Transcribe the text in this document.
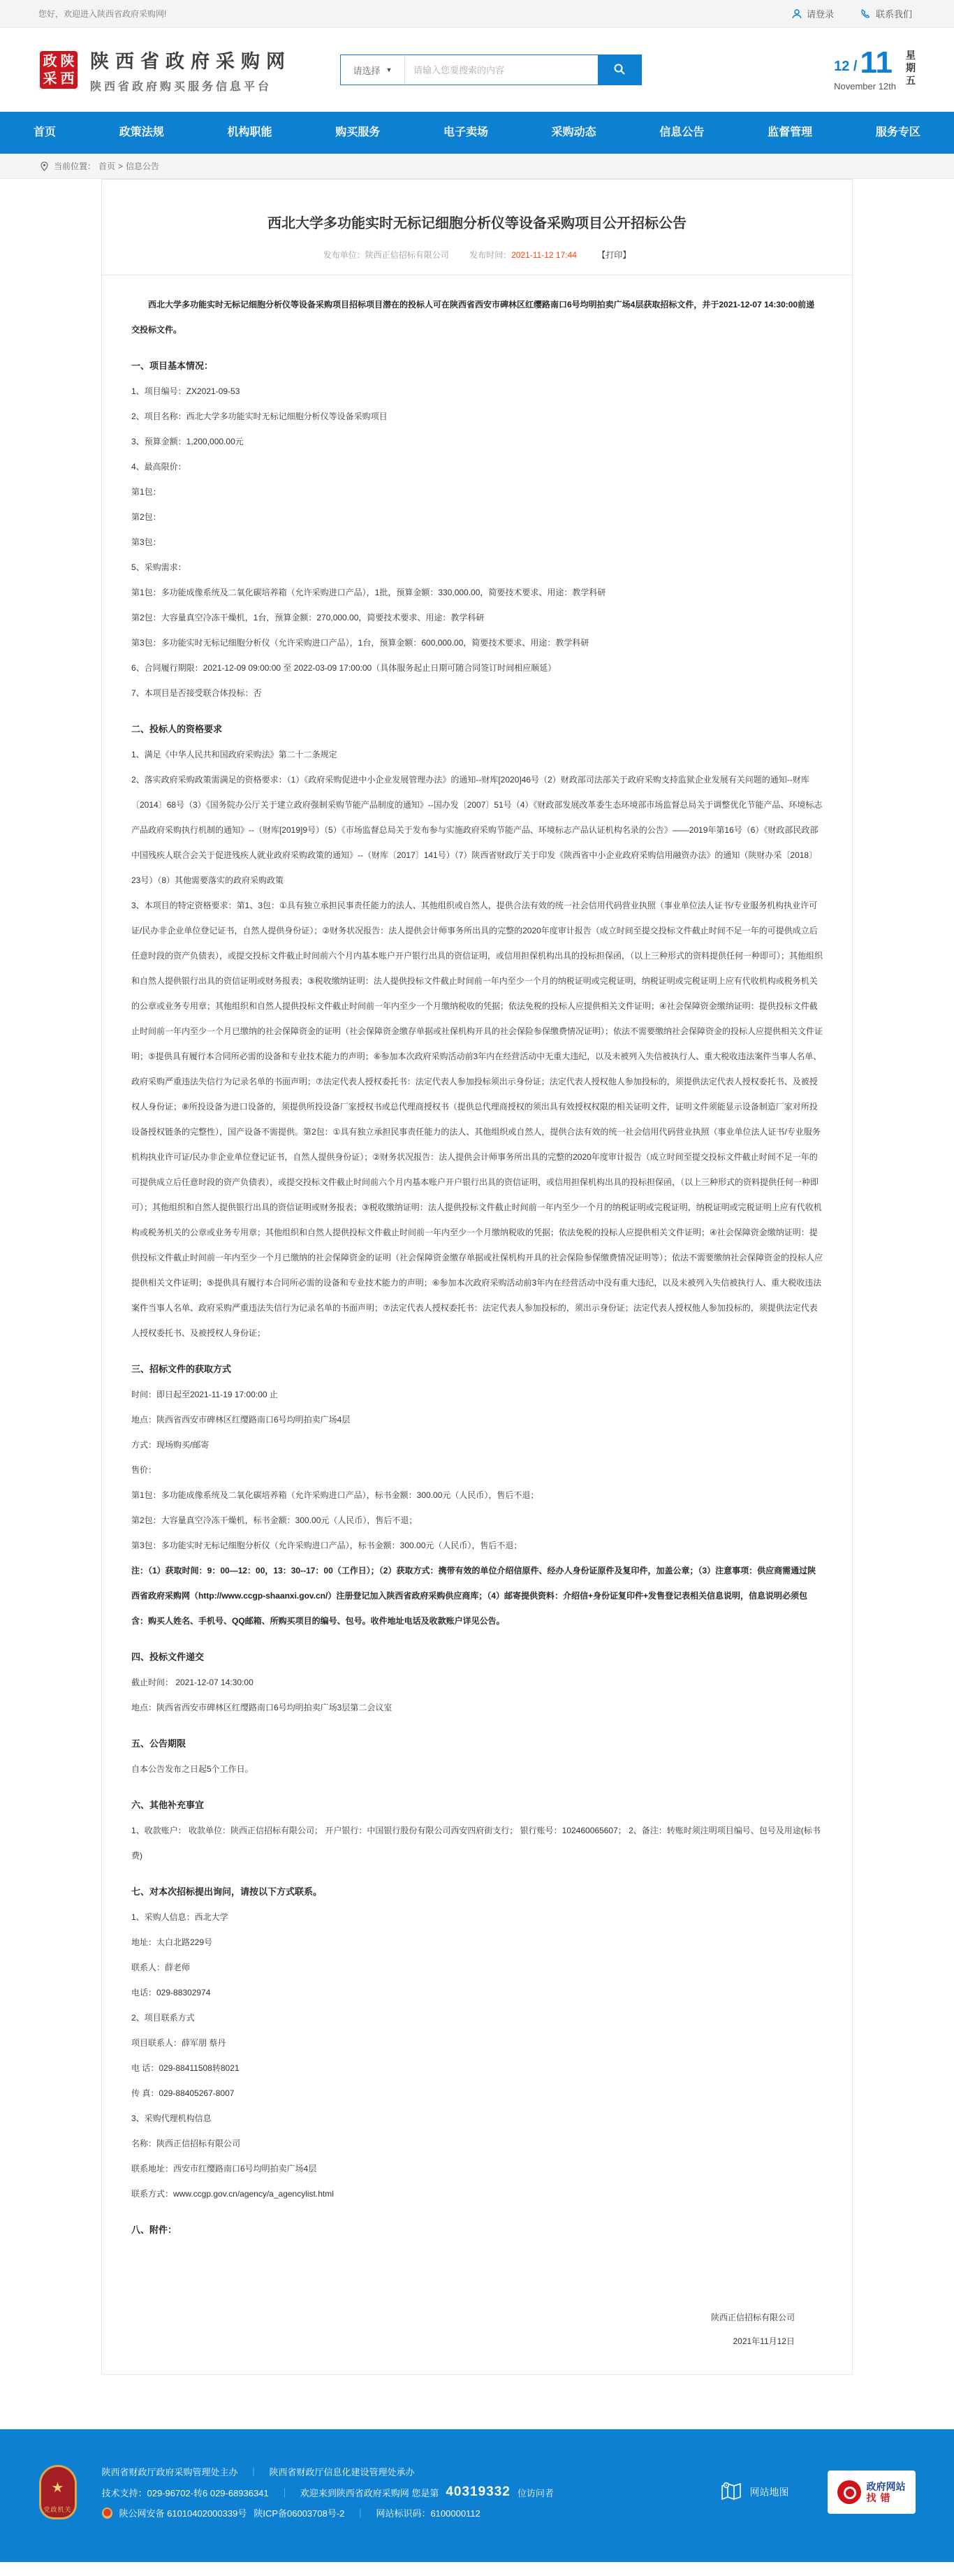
您好，欢迎进入陕西省政府采购网!	请登录	联系我们
政 陕
采 西
陕西省政府采购网
陕西省政府购买服务信息平台
请选择 ▼
请输入您要搜索的内容	12 / 11
November 12th
星
期
五
首页	政策法规	机构职能	购买服务	电子卖场	采购动态	信息公告	监督管理	服务专区
当前位置： 首页 > 信息公告
西北大学多功能实时无标记细胞分析仪等设备采购项目公开招标公告
发布单位：陕西正信招标有限公司 发布时间：2021-11-12 17:44 【打印】
西北大学多功能实时无标记细胞分析仪等设备采购项目招标项目潜在的投标人可在陕西省西安市碑林区红缨路南口6号均明拍卖广场4层获取招标文件，并于2021-12-07 14:30:00前递交投标文件。
一、项目基本情况：
1、项目编号：ZX2021-09-53
2、项目名称：西北大学多功能实时无标记细胞分析仪等设备采购项目
3、预算金额：1,200,000.00元
4、最高限价：
第1包：
第2包：
第3包：
5、采购需求：
第1包：多功能成像系统及二氧化碳培养箱（允许采购进口产品），1批，预算金额：330,000.00，简要技术要求、用途：教学科研
第2包：大容量真空冷冻干燥机，1台，预算金额：270,000.00，简要技术要求、用途：教学科研
第3包：多功能实时无标记细胞分析仪（允许采购进口产品），1台，预算金额：600,000.00，简要技术要求、用途：教学科研
6、合同履行期限：2021-12-09 09:00:00 至 2022-03-09 17:00:00（具体服务起止日期可随合同签订时间相应顺延）
7、本项目是否接受联合体投标：否
二、投标人的资格要求
1、满足《中华人民共和国政府采购法》第二十二条规定
2、落实政府采购政策需满足的资格要求：（1）《政府采购促进中小企业发展管理办法》的通知--财库[2020]46号（2）财政部司法部关于政府采购支持监狱企业发展有关问题的通知--财库〔2014〕68号（3）《国务院办公厅关于建立政府强制采购节能产品制度的通知》--国办发〔2007〕51号（4）《财政部发展改革委生态环境部市场监督总局关于调整优化节能产品、环境标志产品政府采购执行机制的通知》--（财库[2019]9号）（5）《市场监督总局关于发布参与实施政府采购节能产品、环境标志产品认证机构名录的公告》——2019年第16号（6）《财政部民政部中国残疾人联合会关于促进残疾人就业政府采购政策的通知》--（财库〔2017〕141号）（7）陕西省财政厅关于印发《陕西省中小企业政府采购信用融资办法》的通知（陕财办采〔2018〕23号）（8）其他需要落实的政府采购政策
3、本项目的特定资格要求：第1、3包：①具有独立承担民事责任能力的法人、其他组织或自然人，提供合法有效的统一社会信用代码营业执照（事业单位法人证书/专业服务机构执业许可证/民办非企业单位登记证书，自然人提供身份证）；②财务状况报告：法人提供会计师事务所出具的完整的2020年度审计报告（成立时间至提交投标文件截止时间不足一年的可提供成立后任意时段的资产负债表），或提交投标文件截止时间前六个月内基本账户开户银行出具的资信证明，或信用担保机构出具的投标担保函，（以上三种形式的资料提供任何一种即可）；其他组织和自然人提供银行出具的资信证明或财务报表；③税收缴纳证明：法人提供投标文件截止时间前一年内至少一个月的纳税证明或完税证明，纳税证明或完税证明上应有代收机构或税务机关的公章或业务专用章；其他组织和自然人提供投标文件截止时间前一年内至少一个月缴纳税收的凭据；依法免税的投标人应提供相关文件证明；④社会保障资金缴纳证明：提供投标文件截止时间前一年内至少一个月已缴纳的社会保障资金的证明（社会保障资金缴存单据或社保机构开具的社会保险参保缴费情况证明）；依法不需要缴纳社会保障资金的投标人应提供相关文件证明；⑤提供具有履行本合同所必需的设备和专业技术能力的声明；⑥参加本次政府采购活动前3年内在经营活动中无重大违纪，以及未被列入失信被执行人、重大税收违法案件当事人名单、政府采购严重违法失信行为记录名单的书面声明；⑦法定代表人授权委托书：法定代表人参加投标须出示身份证；法定代表人授权他人参加投标的，须提供法定代表人授权委托书、及被授权人身份证；⑧所投设备为进口设备的，须提供所投设备厂家授权书或总代理商授权书（提供总代理商授权的须出具有效授权权限的相关证明文件，证明文件须能显示设备制造厂家对所投设备授权链条的完整性），国产设备不需提供。第2包：①具有独立承担民事责任能力的法人、其他组织或自然人，提供合法有效的统一社会信用代码营业执照（事业单位法人证书/专业服务机构执业许可证/民办非企业单位登记证书，自然人提供身份证）；②财务状况报告：法人提供会计师事务所出具的完整的2020年度审计报告（成立时间至提交投标文件截止时间不足一年的可提供成立后任意时段的资产负债表），或提交投标文件截止时间前六个月内基本账户开户银行出具的资信证明，或信用担保机构出具的投标担保函，（以上三种形式的资料提供任何一种即可）；其他组织和自然人提供银行出具的资信证明或财务报表；③税收缴纳证明：法人提供投标文件截止时间前一年内至少一个月的纳税证明或完税证明，纳税证明或完税证明上应有代收机构或税务机关的公章或业务专用章；其他组织和自然人提供投标文件截止时间前一年内至少一个月缴纳税收的凭据；依法免税的投标人应提供相关文件证明；④社会保障资金缴纳证明：提供投标文件截止时间前一年内至少一个月已缴纳的社会保障资金的证明（社会保障资金缴存单据或社保机构开具的社会保险参保缴费情况证明等）；依法不需要缴纳社会保障资金的投标人应提供相关文件证明；⑤提供具有履行本合同所必需的设备和专业技术能力的声明；⑥参加本次政府采购活动前3年内在经营活动中没有重大违纪，以及未被列入失信被执行人、重大税收违法案件当事人名单、政府采购严重违法失信行为记录名单的书面声明；⑦法定代表人授权委托书：法定代表人参加投标的，须出示身份证；法定代表人授权他人参加投标的，须提供法定代表人授权委托书、及被授权人身份证；
三、招标文件的获取方式
时间：即日起至2021-11-19 17:00:00 止
地点：陕西省西安市碑林区红缨路南口6号均明拍卖广场4层
方式：现场购买/邮寄
售价：
第1包：多功能成像系统及二氧化碳培养箱（允许采购进口产品），标书金额：300.00元（人民币），售后不退；
第2包：大容量真空冷冻干燥机，标书金额：300.00元（人民币），售后不退；
第3包：多功能实时无标记细胞分析仪（允许采购进口产品），标书金额：300.00元（人民币），售后不退；
注：（1）获取时间：9：00—12：00，13：30--17：00（工作日）；（2）获取方式：携带有效的单位介绍信原件、经办人身份证原件及复印件，加盖公章；（3）注意事项：供应商需通过陕西省政府采购网（http://www.ccgp-shaanxi.gov.cn/）注册登记加入陕西省政府采购供应商库；（4）邮寄提供资料：介绍信+身份证复印件+发售登记表相关信息说明，信息说明必须包含：购买人姓名、手机号、QQ邮箱、所购买项目的编号、包号。收件地址电话及收款账户详见公告。
四、投标文件递交
截止时间： 2021-12-07 14:30:00
地点：陕西省西安市碑林区红缨路南口6号均明拍卖广场3层第二会议室
五、公告期限
自本公告发布之日起5个工作日。
六、其他补充事宜
1、收款账户： 收款单位：陕西正信招标有限公司； 开户银行：中国银行股份有限公司西安四府街支行； 银行账号：102460065607； 2、备注：转账时须注明项目编号、包号及用途(标书费)
七、对本次招标提出询问，请按以下方式联系。
1、采购人信息：西北大学
地址：太白北路229号
联系人：薛老师
电话：029-88302974
2、项目联系方式
项目联系人：薛军朋 蔡丹
电 话：029-88411508转8021
传 真：029-88405267-8007
3、采购代理机构信息
名称：陕西正信招标有限公司
联系地址：西安市红缨路南口6号均明拍卖广场4层
联系方式：www.ccgp.gov.cn/agency/a_agencylist.html
八、附件：
陕西正信招标有限公司
2021年11月12日
★
党政机关
陕西省财政厅政府采购管理处主办	｜	陕西省财政厅信息化建设管理处承办
技术支持：029-96702-转6 029-68936341	｜	欢迎来到陕西省政府采购网 您是第 40319332 位访问者
陕公网安备 61010402000339号 陕ICP备06003708号-2	｜	网站标识码：6100000112
网站地图	政府网站
找错
